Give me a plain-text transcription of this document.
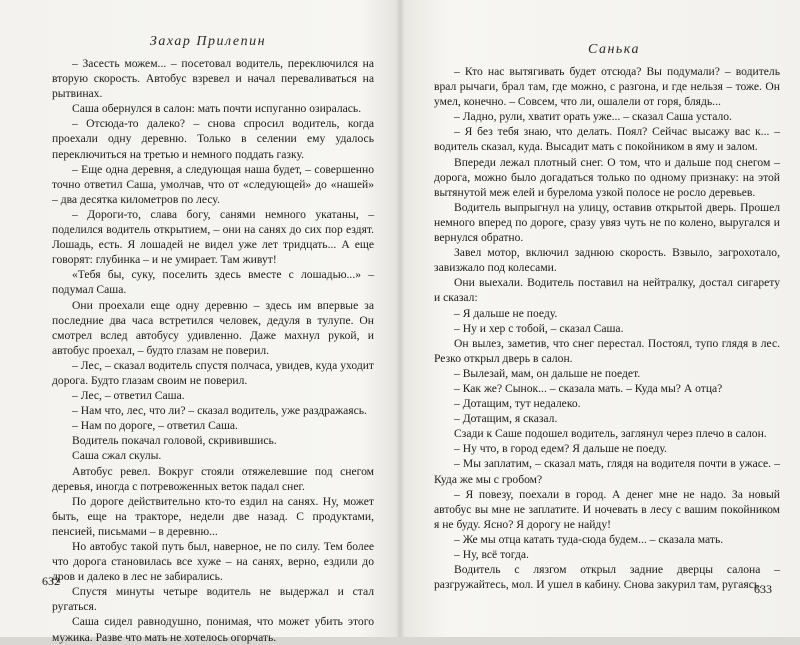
Захар Прилепин

– Засесть можем... – посетовал водитель, переключился на вторую скорость. Автобус взревел и начал переваливаться на рытвинах.

Саша обернулся в салон: мать почти испуганно озиралась.

– Отсюда-то далеко? – снова спросил водитель, когда проехали одну деревню. Только в селении ему удалось переключиться на третью и немного поддать газку.

– Еще одна деревня, а следующая наша будет, – совершенно точно ответил Саша, умолчав, что от «следующей» до «нашей» – два десятка километров по лесу.

– Дороги-то, слава богу, санями немного укатаны, – поделился водитель открытием, – они на санях до сих пор ездят. Лошадь, есть. Я лошадей не видел уже лет тридцать... А еще говорят: глубинка – и не умирает. Там живут!

«Тебя бы, суку, поселить здесь вместе с лошадью...» – подумал Саша.

Они проехали еще одну деревню – здесь им впервые за последние два часа встретился человек, дедуля в тулупе. Он смотрел вслед автобусу удивленно. Даже махнул рукой, и автобус проехал, – будто глазам не поверил.

– Лес, – сказал водитель спустя полчаса, увидев, куда уходит дорога. Будто глазам своим не поверил.

– Лес, – ответил Саша.

– Нам что, лес, что ли? – сказал водитель, уже раздражаясь.

– Нам по дороге, – ответил Саша.

Водитель покачал головой, скривившись.

Саша сжал скулы.

Автобус ревел. Вокруг стояли отяжелевшие под снегом деревья, иногда с потревоженных веток падал снег.

По дороге действительно кто-то ездил на санях. Ну, может быть, еще на тракторе, недели две назад. С продуктами, пенсией, письмами – в деревню...

Но автобус такой путь был, наверное, не по силу. Тем более что дорога становилась все хуже – на санях, верно, ездили до дров и далеко в лес не забирались.

Спустя минуты четыре водитель не выдержал и стал ругаться.

Саша сидел равнодушно, понимая, что может убить этого мужика. Разве что мать не хотелось огорчать.

632
Санька

– Кто нас вытягивать будет отсюда? Вы подумали? – водитель врал рычаги, брал там, где можно, с разгона, и где нельзя – тоже. Он умел, конечно. – Совсем, что ли, ошалели от горя, блядь...

– Ладно, рули, хватит орать уже... – сказал Саша устало.

– Я без тебя знаю, что делать. Поял? Сейчас высажу вас к... – водитель сказал, куда. Высадит мать с покойником в яму и залом.

Впереди лежал плотный снег. О том, что и дальше под снегом – дорога, можно было догадаться только по одному признаку: на этой вытянутой меж елей и бурелома узкой полосе не росло деревьев.

Водитель выпрыгнул на улицу, оставив открытой дверь. Прошел немного вперед по дороге, сразу увяз чуть не по колено, выругался и вернулся обратно.

Завел мотор, включил заднюю скорость. Взвыло, загрохотало, завизжало под колесами.

Они выехали. Водитель поставил на нейтралку, достал сигарету и сказал:

– Я дальше не поеду.

– Ну и хер с тобой, – сказал Саша.

Он вылез, заметив, что снег перестал. Постоял, тупо глядя в лес. Резко открыл дверь в салон.

– Вылезай, мам, он дальше не поедет.

– Как же? Сынок... – сказала мать. – Куда мы? А отца?

– Дотащим, тут недалеко.

– Дотащим, я сказал.

Сзади к Саше подошел водитель, заглянул через плечо в салон.

– Ну что, в город едем? Я дальше не поеду.

– Мы заплатим, – сказал мать, глядя на водителя почти в ужасе. – Куда же мы с гробом?

– Я повезу, поехали в город. А денег мне не надо. За новый автобус вы мне не заплатите. И ночевать в лесу с вашим покойником я не буду. Ясно? Я дорогу не найду!

– Же мы отца катать туда-сюда будем... – сказала мать.

– Ну, всё тогда.

Водитель с лязгом открыл задние дверцы салона – разгружайтесь, мол. И ушел в кабину. Снова закурил там, ругаясь.

633
